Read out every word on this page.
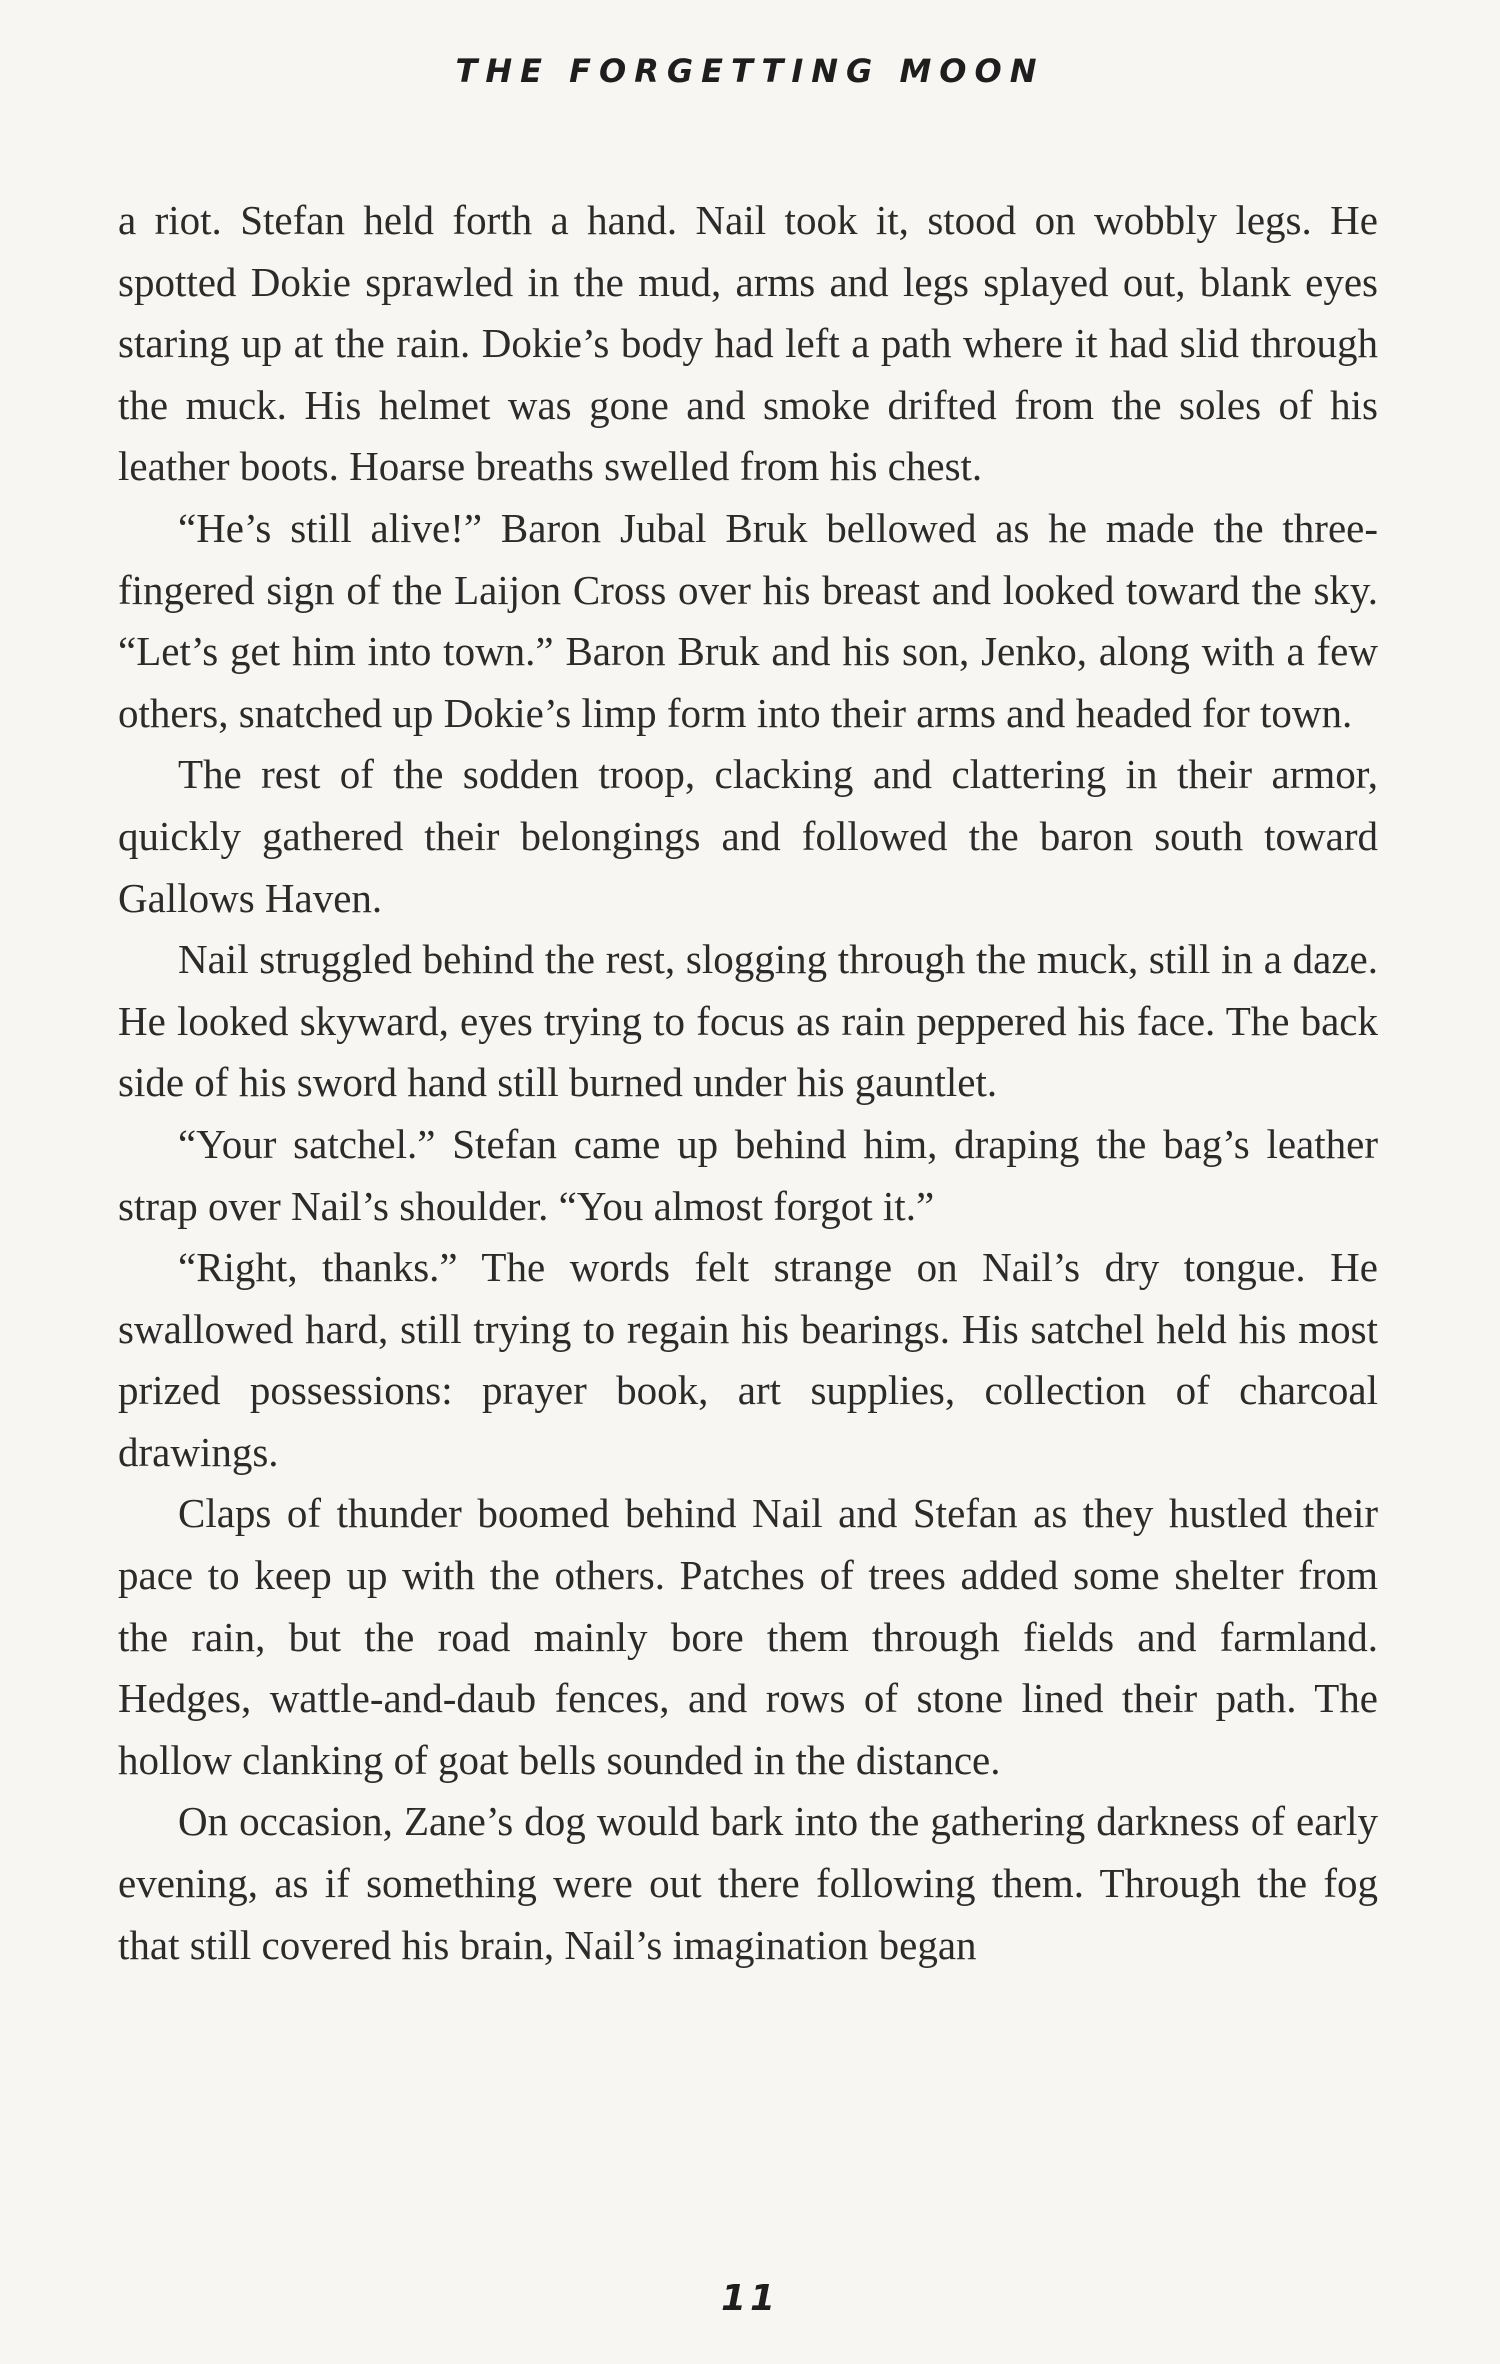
THE FORGETTING MOON

a riot. Stefan held forth a hand. Nail took it, stood on wobbly legs. He spotted Dokie sprawled in the mud, arms and legs splayed out, blank eyes staring up at the rain. Dokie’s body had left a path where it had slid through the muck. His helmet was gone and smoke drifted from the soles of his leather boots. Hoarse breaths swelled from his chest.

“He’s still alive!” Baron Jubal Bruk bellowed as he made the three-fingered sign of the Laijon Cross over his breast and looked toward the sky. “Let’s get him into town.” Baron Bruk and his son, Jenko, along with a few others, snatched up Dokie’s limp form into their arms and headed for town.

The rest of the sodden troop, clacking and clattering in their armor, quickly gathered their belongings and followed the baron south toward Gallows Haven.

Nail struggled behind the rest, slogging through the muck, still in a daze. He looked skyward, eyes trying to focus as rain peppered his face. The back side of his sword hand still burned under his gauntlet.

“Your satchel.” Stefan came up behind him, draping the bag’s leather strap over Nail’s shoulder. “You almost forgot it.”

“Right, thanks.” The words felt strange on Nail’s dry tongue. He swallowed hard, still trying to regain his bearings. His satchel held his most prized possessions: prayer book, art supplies, collection of charcoal drawings.

Claps of thunder boomed behind Nail and Stefan as they hustled their pace to keep up with the others. Patches of trees added some shelter from the rain, but the road mainly bore them through fields and farmland. Hedges, wattle-and-daub fences, and rows of stone lined their path. The hollow clanking of goat bells sounded in the distance.

On occasion, Zane’s dog would bark into the gathering darkness of early evening, as if something were out there following them. Through the fog that still covered his brain, Nail’s imagination began

11
